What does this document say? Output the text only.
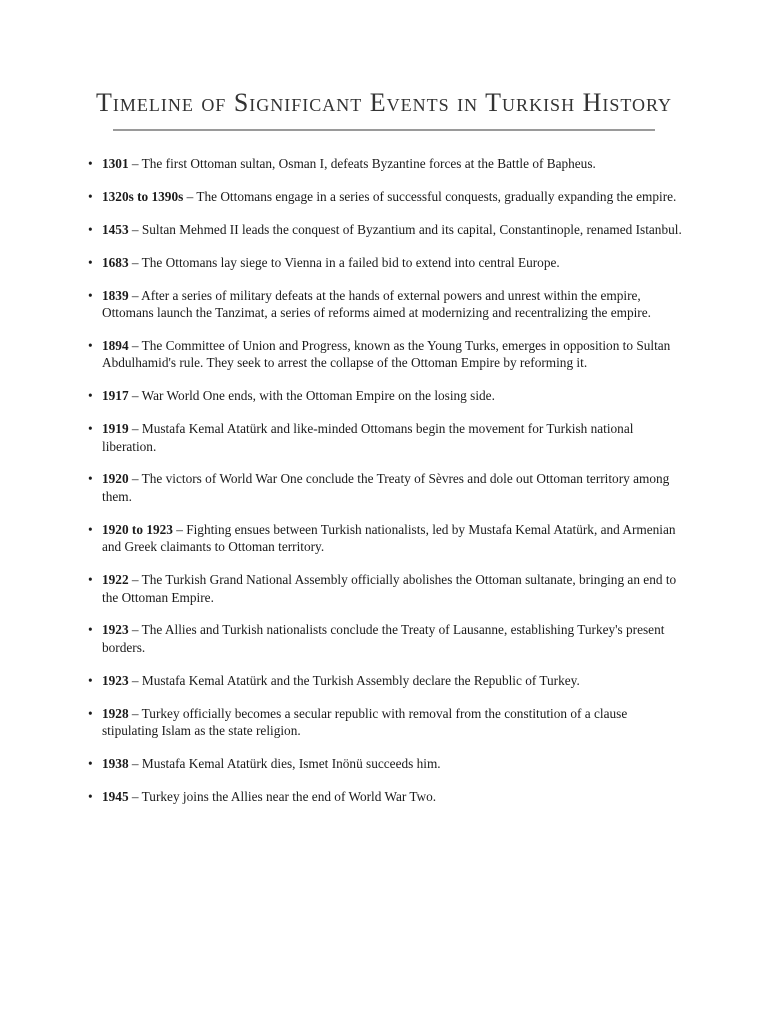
Timeline of Significant Events in Turkish History
• 1301 – The first Ottoman sultan, Osman I, defeats Byzantine forces at the Battle of Bapheus.
• 1320s to 1390s – The Ottomans engage in a series of successful conquests, gradually expanding the empire.
• 1453 – Sultan Mehmed II leads the conquest of Byzantium and its capital, Constantinople, renamed Istanbul.
• 1683 – The Ottomans lay siege to Vienna in a failed bid to extend into central Europe.
• 1839 – After a series of military defeats at the hands of external powers and unrest within the empire, Ottomans launch the Tanzimat, a series of reforms aimed at modernizing and recentralizing the empire.
• 1894 – The Committee of Union and Progress, known as the Young Turks, emerges in opposition to Sultan Abdulhamid's rule. They seek to arrest the collapse of the Ottoman Empire by reforming it.
• 1917 – War World One ends, with the Ottoman Empire on the losing side.
• 1919 – Mustafa Kemal Atatürk and like-minded Ottomans begin the movement for Turkish national liberation.
• 1920 – The victors of World War One conclude the Treaty of Sèvres and dole out Ottoman territory among them.
• 1920 to 1923 – Fighting ensues between Turkish nationalists, led by Mustafa Kemal Atatürk, and Armenian and Greek claimants to Ottoman territory.
• 1922 – The Turkish Grand National Assembly officially abolishes the Ottoman sultanate, bringing an end to the Ottoman Empire.
• 1923 – The Allies and Turkish nationalists conclude the Treaty of Lausanne, establishing Turkey's present borders.
• 1923 – Mustafa Kemal Atatürk and the Turkish Assembly declare the Republic of Turkey.
• 1928 – Turkey officially becomes a secular republic with removal from the constitution of a clause stipulating Islam as the state religion.
• 1938 – Mustafa Kemal Atatürk dies, Ismet Inönü succeeds him.
• 1945 – Turkey joins the Allies near the end of World War Two.
